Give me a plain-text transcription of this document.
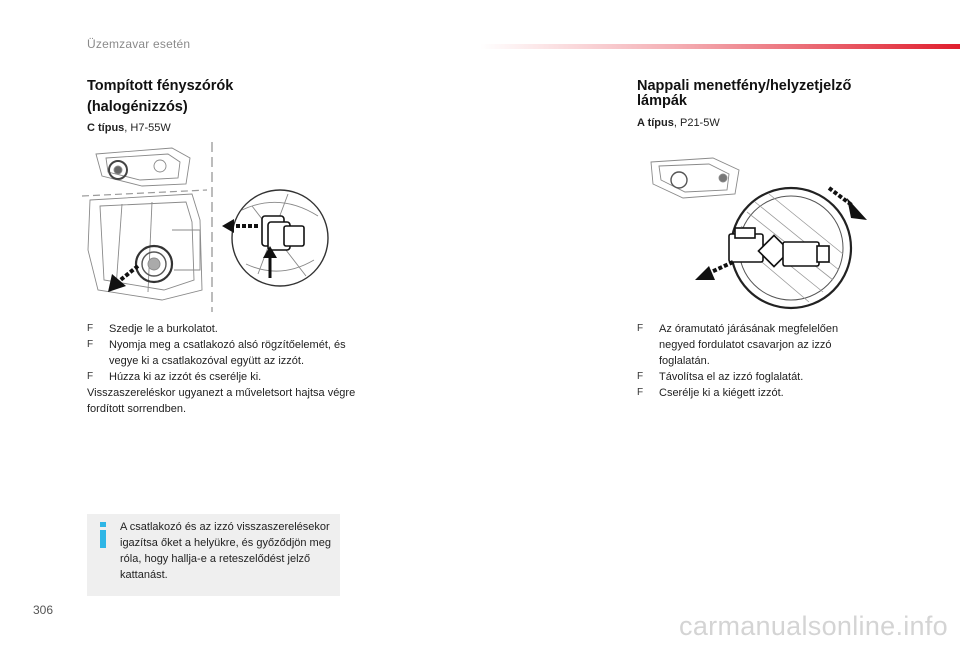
Üzemzavar esetén
Tompított fényszórók (halogénizzós)
C típus, H7-55W
F Szedje le a burkolatot.
F Nyomja meg a csatlakozó alsó rögzítőelemét, és vegye ki a csatlakozóval együtt az izzót.
F Húzza ki az izzót és cserélje ki.
Visszaszereléskor ugyanezt a műveletsort hajtsa végre fordított sorrendben.
A csatlakozó és az izzó visszaszerelésekor igazítsa őket a helyükre, és győződjön meg róla, hogy hallja-e a reteszelődést jelző kattanást.
Nappali menetfény/helyzetjelző lámpák
A típus, P21-5W
F Az óramutató járásának megfelelően negyed fordulatot csavarjon az izzó foglalatán.
F Távolítsa el az izzó foglalatát.
F Cserélje ki a kiégett izzót.
306
carmanualsonline.info
